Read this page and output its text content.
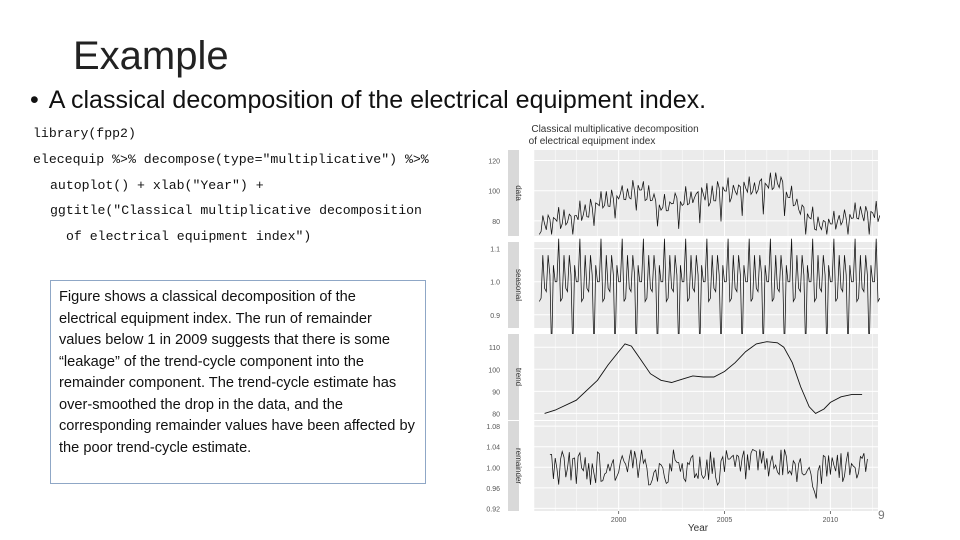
Example
• A classical decomposition of the electrical equipment index.
library(fpp2)
elecequip %>% decompose(type="multiplicative") %>%
autoplot() + xlab("Year") +
ggtitle("Classical multiplicative decomposition
of electrical equipment index")
Figure shows a classical decomposition of the electrical equipment index. The run of remainder values below 1 in 2009 suggests that there is some “leakage” of the trend-cycle component into the remainder component. The trend-cycle estimate has over-smoothed the drop in the data, and the corresponding remainder values have been affected by the poor trend-cycle estimate.
Classical multiplicative decomposition
of electrical equipment index
data
120
100
80
seasonal
1.1
1.0
0.9
trend
110
100
90
80
remainder
1.08
1.04
1.00
0.96
0.92
2000	2005	2010
Year
9
